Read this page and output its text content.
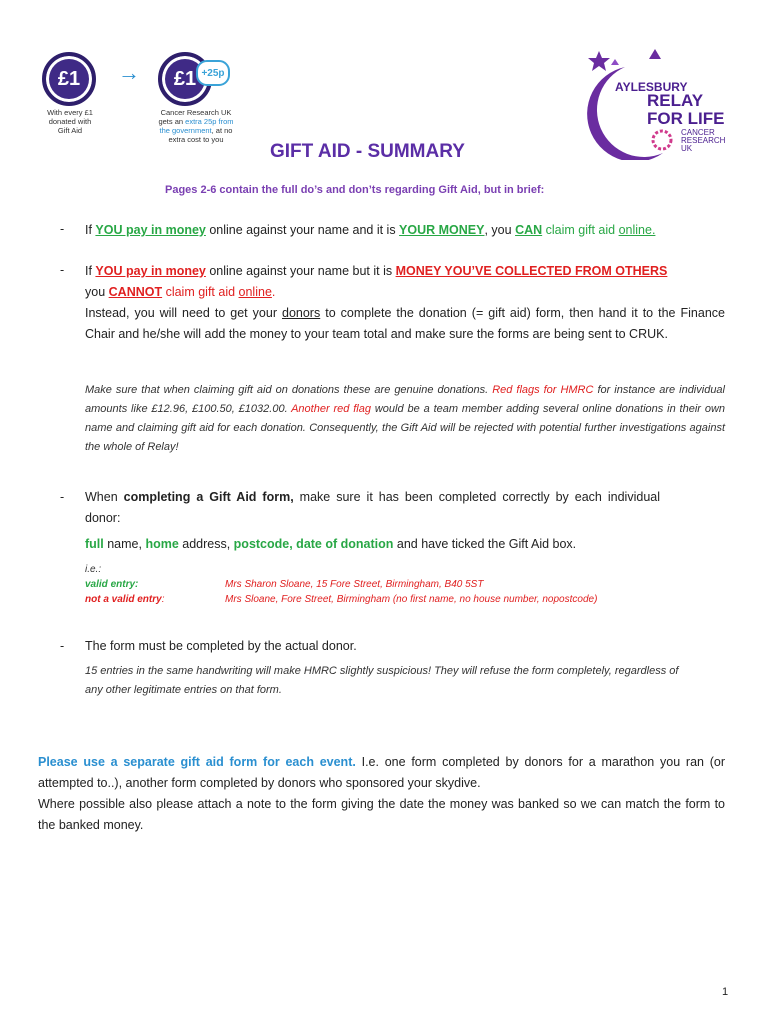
£1
With every £1
donated with
Gift Aid
→ £1 +25p
Cancer Research UK
gets an extra 25p from
the government, at no
extra cost to you
AYLESBURY
RELAY
FOR LIFE
CANCER
RESEARCH
UK
GIFT AID - SUMMARY
Pages 2-6 contain the full do’s and don’ts regarding Gift Aid, but in brief:
- If YOU pay in money online against your name and it is YOUR MONEY, you CAN claim gift aid online.
- If YOU pay in money online against your name but it is MONEY YOU’VE COLLECTED FROM OTHERS
you CANNOT claim gift aid online.
Instead, you will need to get your donors to complete the donation (= gift aid) form, then hand it to the Finance Chair and he/she will add the money to your team total and make sure the forms are being sent to CRUK.
Make sure that when claiming gift aid on donations these are genuine donations. Red flags for HMRC for instance are individual amounts like £12.96, £100.50, £1032.00. Another red flag would be a team member adding several online donations in their own name and claiming gift aid for each donation. Consequently, the Gift Aid will be rejected with potential further investigations against the whole of Relay!
- When completing a Gift Aid form, make sure it has been completed correctly by each individual donor:
full name, home address, postcode, date of donation and have ticked the Gift Aid box.
i.e.:
valid entry:
not a valid entry:
Mrs Sharon Sloane, 15 Fore Street, Birmingham, B40 5ST
Mrs Sloane, Fore Street, Birmingham (no first name, no house number, nopostcode)
- The form must be completed by the actual donor.
15 entries in the same handwriting will make HMRC slightly suspicious! They will refuse the form completely, regardless of any other legitimate entries on that form.
Please use a separate gift aid form for each event. I.e. one form completed by donors for a marathon you ran (or attempted to..), another form completed by donors who sponsored your skydive.
Where possible also please attach a note to the form giving the date the money was banked so we can match the form to the banked money.
1
